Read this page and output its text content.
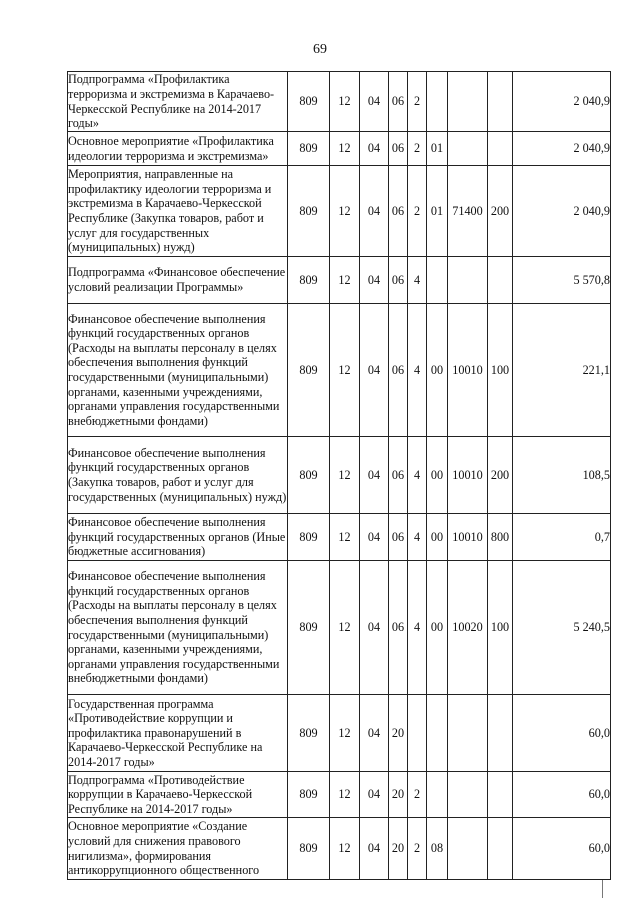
69
Подпрограмма «Профилактика терроризма и экстремизма в Карачаево-Черкесской Республике на 2014-2017 годы»	809	12	04	06	2				2 040,9
Основное мероприятие «Профилактика идеологии терроризма и экстремизма»	809	12	04	06	2	01			2 040,9
Мероприятия, направленные на профилактику идеологии терроризма и экстремизма в Карачаево-Черкесской Республике (Закупка товаров, работ и услуг для государственных (муниципальных) нужд)	809	12	04	06	2	01	71400	200	2 040,9
Подпрограмма «Финансовое обеспечение условий реализации Программы»	809	12	04	06	4				5 570,8
Финансовое обеспечение выполнения функций государственных органов (Расходы на выплаты персоналу в целях обеспечения выполнения функций государственными (муниципальными) органами, казенными учреждениями, органами управления государственными внебюджетными фондами)	809	12	04	06	4	00	10010	100	221,1
Финансовое обеспечение выполнения функций государственных органов (Закупка товаров, работ и услуг для государственных (муниципальных) нужд)	809	12	04	06	4	00	10010	200	108,5
Финансовое обеспечение выполнения функций государственных органов (Иные бюджетные ассигнования)	809	12	04	06	4	00	10010	800	0,7
Финансовое обеспечение выполнения функций государственных органов (Расходы на выплаты персоналу в целях обеспечения выполнения функций государственными (муниципальными) органами, казенными учреждениями, органами управления государственными внебюджетными фондами)	809	12	04	06	4	00	10020	100	5 240,5
Государственная программа «Противодействие коррупции и профилактика правонарушений в Карачаево-Черкесской Республике на 2014-2017 годы»	809	12	04	20					60,0
Подпрограмма «Противодействие коррупции в Карачаево-Черкесской Республике на 2014-2017 годы»	809	12	04	20	2				60,0
Основное мероприятие «Создание условий для снижения правового нигилизма», формирования антикоррупционного общественного	809	12	04	20	2	08			60,0
